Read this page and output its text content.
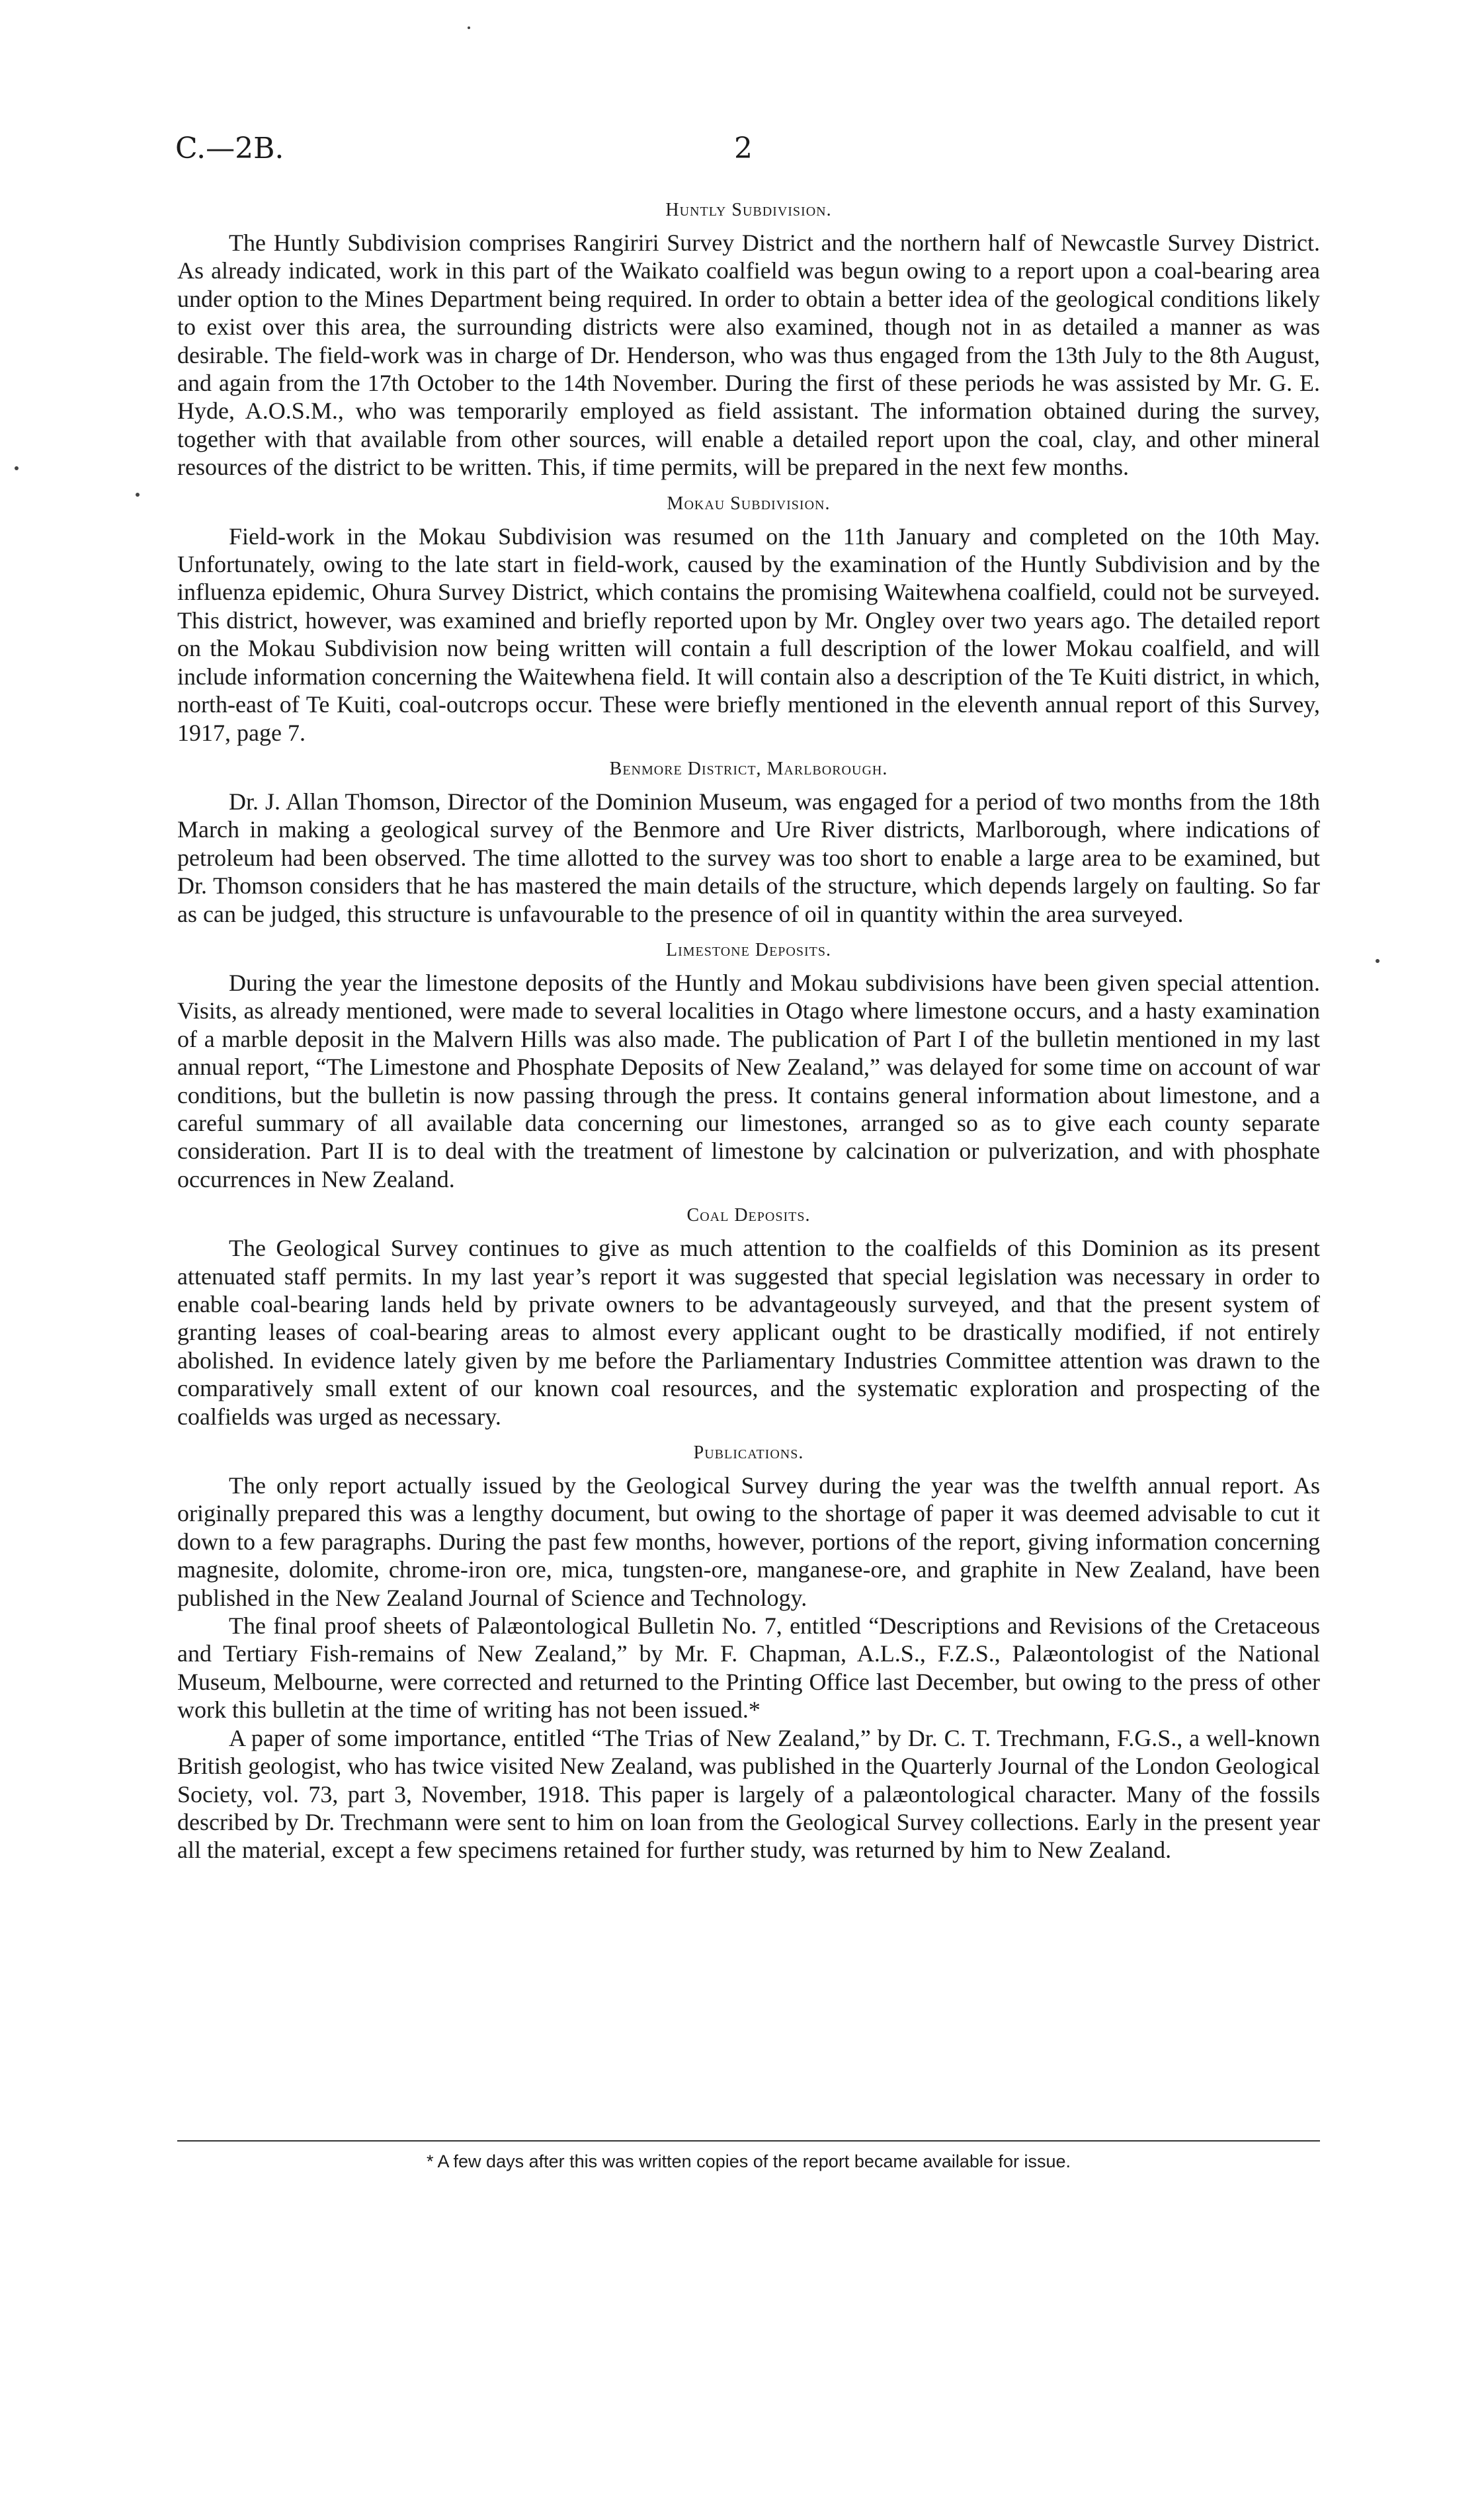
C.—2B.	2
Huntly Subdivision.

The Huntly Subdivision comprises Rangiriri Survey District and the northern half of Newcastle Survey District. As already indicated, work in this part of the Waikato coalfield was begun owing to a report upon a coal-bearing area under option to the Mines Department being required. In order to obtain a better idea of the geological conditions likely to exist over this area, the surrounding districts were also examined, though not in as detailed a manner as was desirable. The field-work was in charge of Dr. Henderson, who was thus engaged from the 13th July to the 8th August, and again from the 17th October to the 14th November. During the first of these periods he was assisted by Mr. G. E. Hyde, A.O.S.M., who was temporarily employed as field assistant. The information obtained during the survey, together with that available from other sources, will enable a detailed report upon the coal, clay, and other mineral resources of the district to be written. This, if time permits, will be prepared in the next few months.

Mokau Subdivision.

Field-work in the Mokau Subdivision was resumed on the 11th January and completed on the 10th May. Unfortunately, owing to the late start in field-work, caused by the examination of the Huntly Subdivision and by the influenza epidemic, Ohura Survey District, which contains the promising Waitewhena coalfield, could not be surveyed. This district, however, was examined and briefly reported upon by Mr. Ongley over two years ago. The detailed report on the Mokau Subdivision now being written will contain a full description of the lower Mokau coalfield, and will include information concerning the Waitewhena field. It will contain also a description of the Te Kuiti district, in which, north-east of Te Kuiti, coal-outcrops occur. These were briefly mentioned in the eleventh annual report of this Survey, 1917, page 7.

Benmore District, Marlborough.

Dr. J. Allan Thomson, Director of the Dominion Museum, was engaged for a period of two months from the 18th March in making a geological survey of the Benmore and Ure River districts, Marlborough, where indications of petroleum had been observed. The time allotted to the survey was too short to enable a large area to be examined, but Dr. Thomson considers that he has mastered the main details of the structure, which depends largely on faulting. So far as can be judged, this structure is unfavourable to the presence of oil in quantity within the area surveyed.

Limestone Deposits.

During the year the limestone deposits of the Huntly and Mokau subdivisions have been given special attention. Visits, as already mentioned, were made to several localities in Otago where limestone occurs, and a hasty examination of a marble deposit in the Malvern Hills was also made. The publication of Part I of the bulletin mentioned in my last annual report, “The Limestone and Phosphate Deposits of New Zealand,” was delayed for some time on account of war conditions, but the bulletin is now passing through the press. It contains general information about limestone, and a careful summary of all available data concerning our limestones, arranged so as to give each county separate consideration. Part II is to deal with the treatment of limestone by calcination or pulverization, and with phosphate occurrences in New Zealand.

Coal Deposits.

The Geological Survey continues to give as much attention to the coalfields of this Dominion as its present attenuated staff permits. In my last year’s report it was suggested that special legislation was necessary in order to enable coal-bearing lands held by private owners to be advantageously surveyed, and that the present system of granting leases of coal-bearing areas to almost every applicant ought to be drastically modified, if not entirely abolished. In evidence lately given by me before the Parliamentary Industries Committee attention was drawn to the comparatively small extent of our known coal resources, and the systematic exploration and prospecting of the coalfields was urged as necessary.

Publications.

The only report actually issued by the Geological Survey during the year was the twelfth annual report. As originally prepared this was a lengthy document, but owing to the shortage of paper it was deemed advisable to cut it down to a few paragraphs. During the past few months, however, portions of the report, giving information concerning magnesite, dolomite, chrome-iron ore, mica, tungsten-ore, manganese-ore, and graphite in New Zealand, have been published in the New Zealand Journal of Science and Technology.

The final proof sheets of Palæontological Bulletin No. 7, entitled “Descriptions and Revisions of the Cretaceous and Tertiary Fish-remains of New Zealand,” by Mr. F. Chapman, A.L.S., F.Z.S., Palæontologist of the National Museum, Melbourne, were corrected and returned to the Printing Office last December, but owing to the press of other work this bulletin at the time of writing has not been issued.*

A paper of some importance, entitled “The Trias of New Zealand,” by Dr. C. T. Trechmann, F.G.S., a well-known British geologist, who has twice visited New Zealand, was published in the Quarterly Journal of the London Geological Society, vol. 73, part 3, November, 1918. This paper is largely of a palæontological character. Many of the fossils described by Dr. Trechmann were sent to him on loan from the Geological Survey collections. Early in the present year all the material, except a few specimens retained for further study, was returned by him to New Zealand.

* A few days after this was written copies of the report became available for issue.
